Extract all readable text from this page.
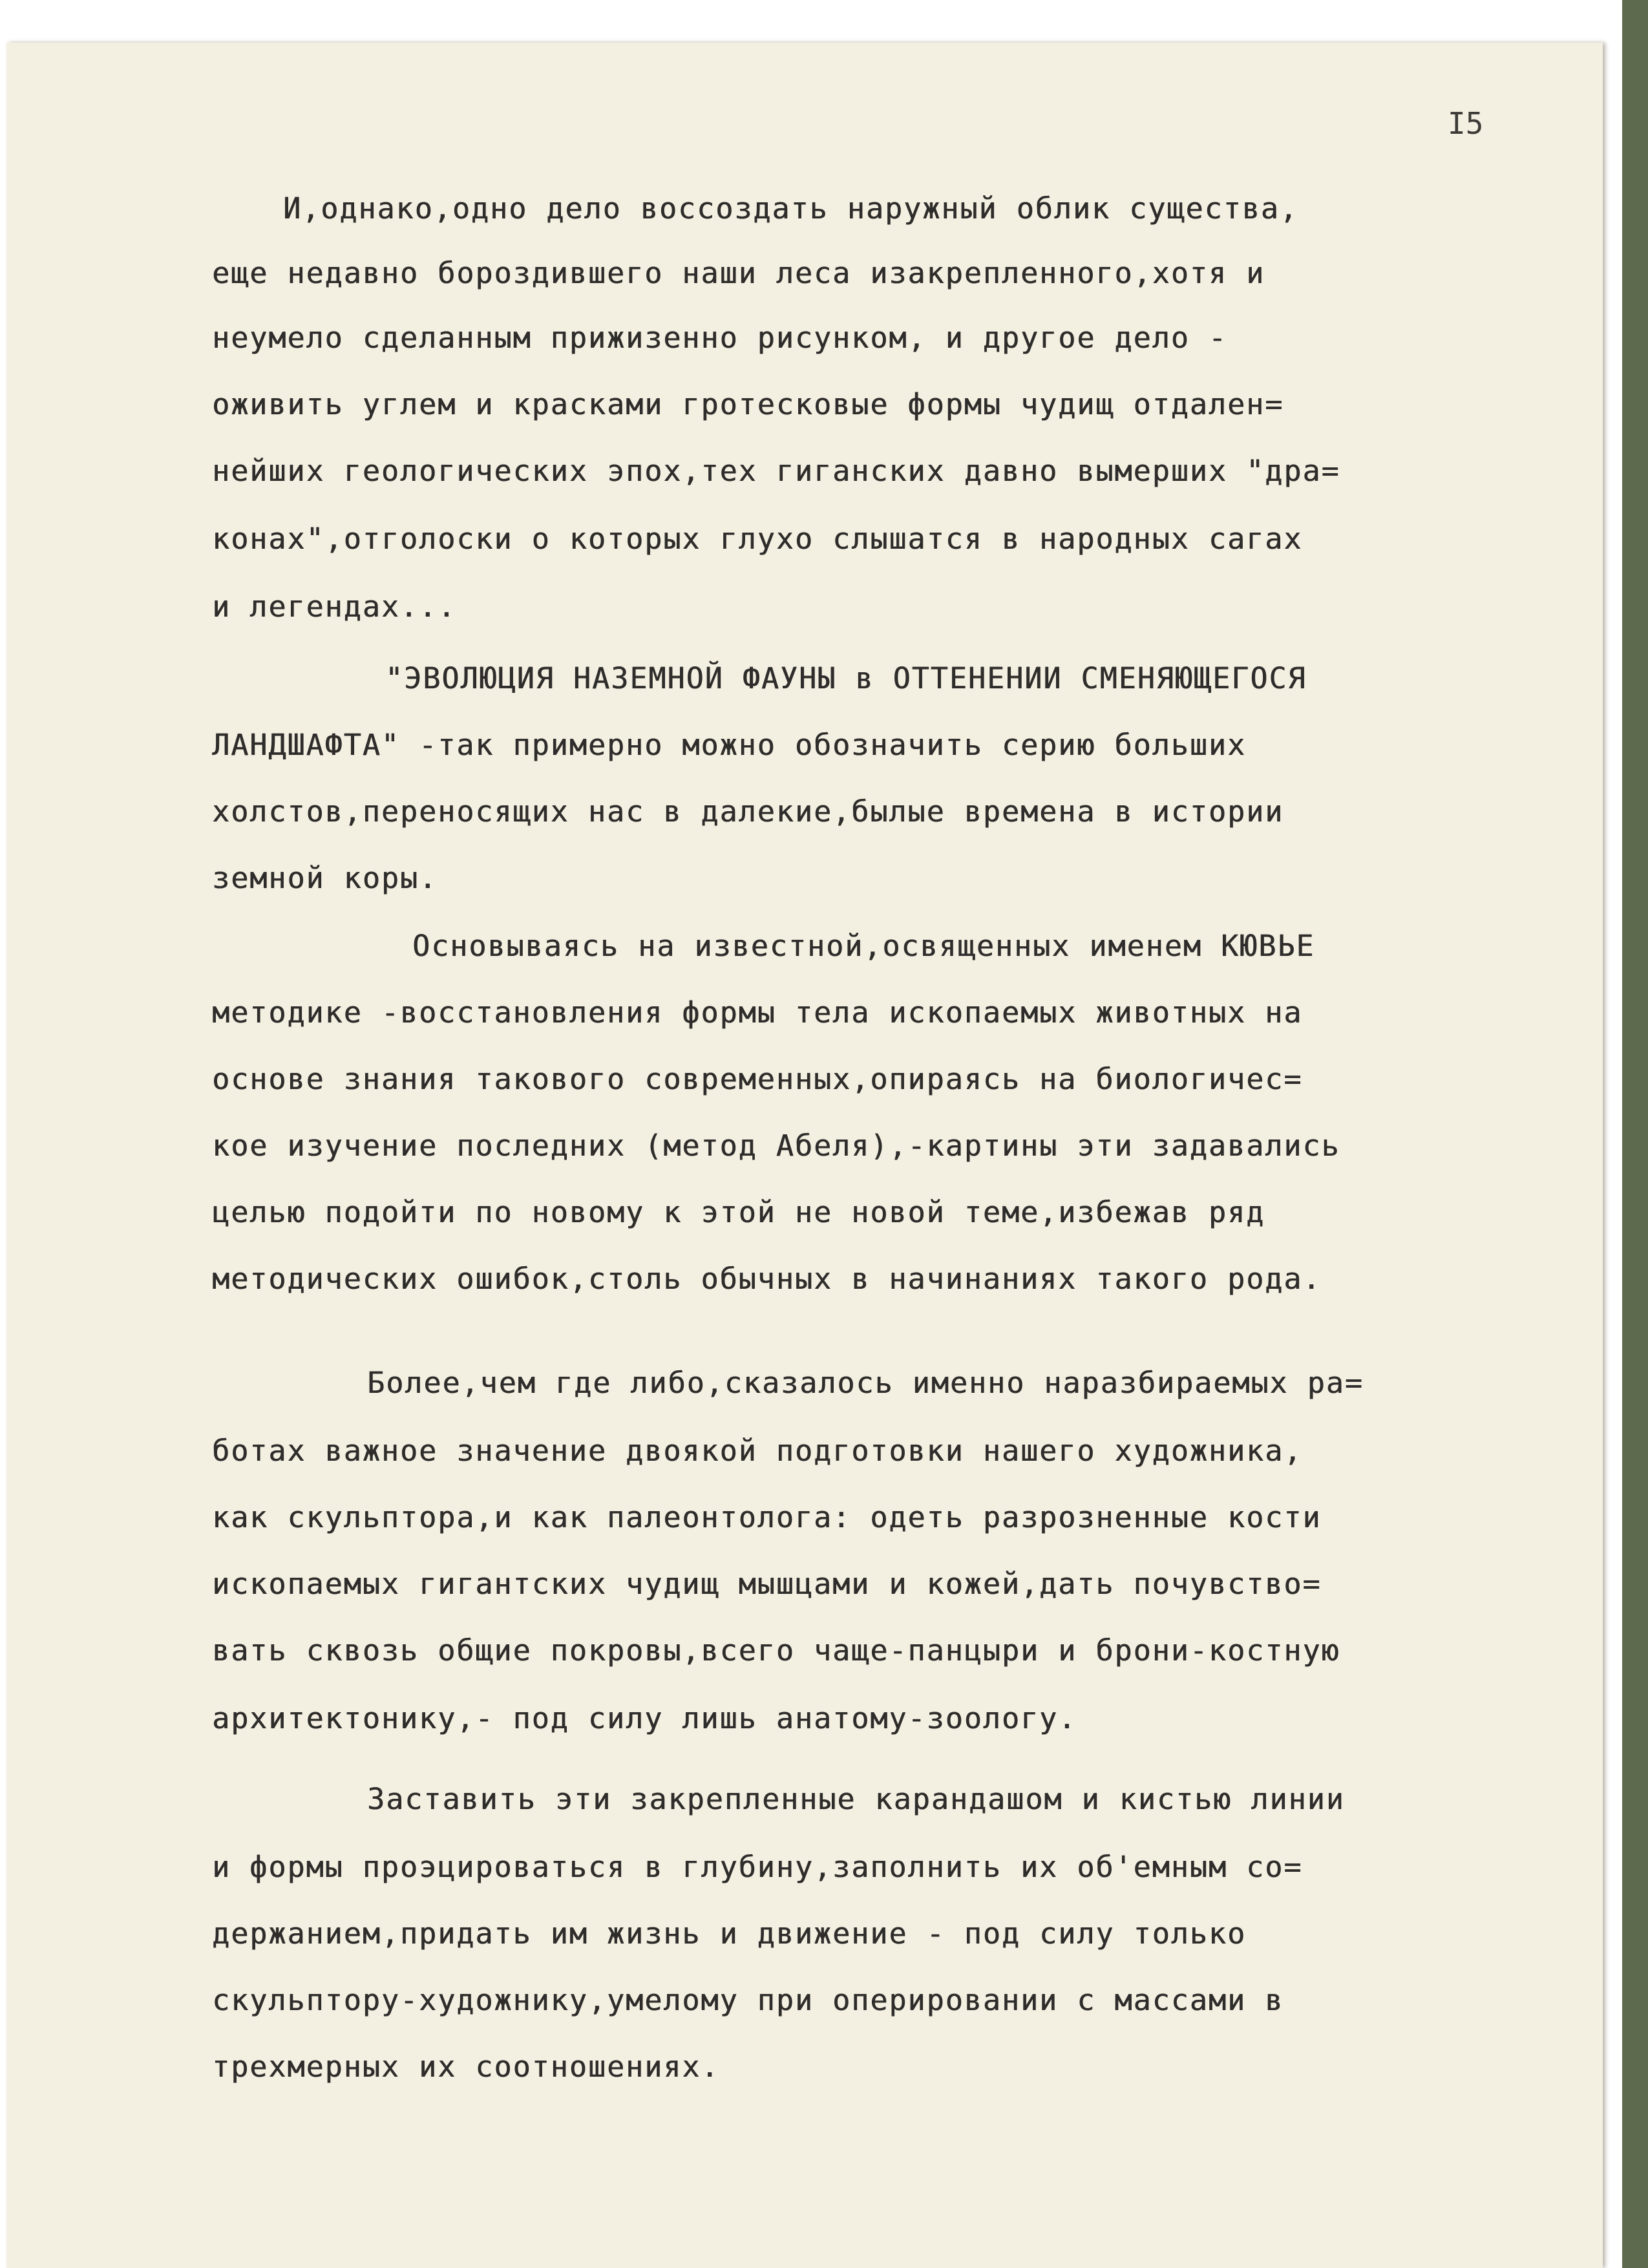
I5

И,однако,одно дело воссоздать наружный облик существа,

еще недавно бороздившего наши леса изакрепленного,хотя и

неумело сделанным прижизенно рисунком, и другое дело -

оживить углем и красками гротесковые формы чудищ отдален=

нейших геологических эпох,тех гиганских давно вымерших "дра=

конах",отголоски о которых глухо слышатся в народных сагах

и легендах...

"ЭВОЛЮЦИЯ НАЗЕМНОЙ ФАУНЫ в ОТТЕНЕНИИ СМЕНЯЮЩЕГОСЯ

ЛАНДШАФТА" -так примерно можно обозначить серию больших

холстов,переносящих нас в далекие,былые времена в истории

земной коры.

Основываясь на известной,освященных именем КЮВЬЕ

методике -восстановления формы тела ископаемых животных на

основе знания такового современных,опираясь на биологичес=

кое изучение последних (метод Абеля),-картины эти задавались

целью подойти по новому к этой не новой теме,избежав ряд

методических ошибок,столь обычных в начинаниях такого рода.

Более,чем где либо,сказалось именно наразбираемых ра=

ботах важное значение двоякой подготовки нашего художника,

как скульптора,и как палеонтолога: одеть разрозненные кости

ископаемых гигантских чудищ мышцами и кожей,дать почувство=

вать сквозь общие покровы,всего чаще-панцыри и брони-костную

архитектонику,- под силу лишь анатому-зоологу.

Заставить эти закрепленные карандашом и кистью линии

и формы проэцироваться в глубину,заполнить их об'емным со=

держанием,придать им жизнь и движение - под силу только

скульптору-художнику,умелому при оперировании с массами в

трехмерных их соотношениях.
